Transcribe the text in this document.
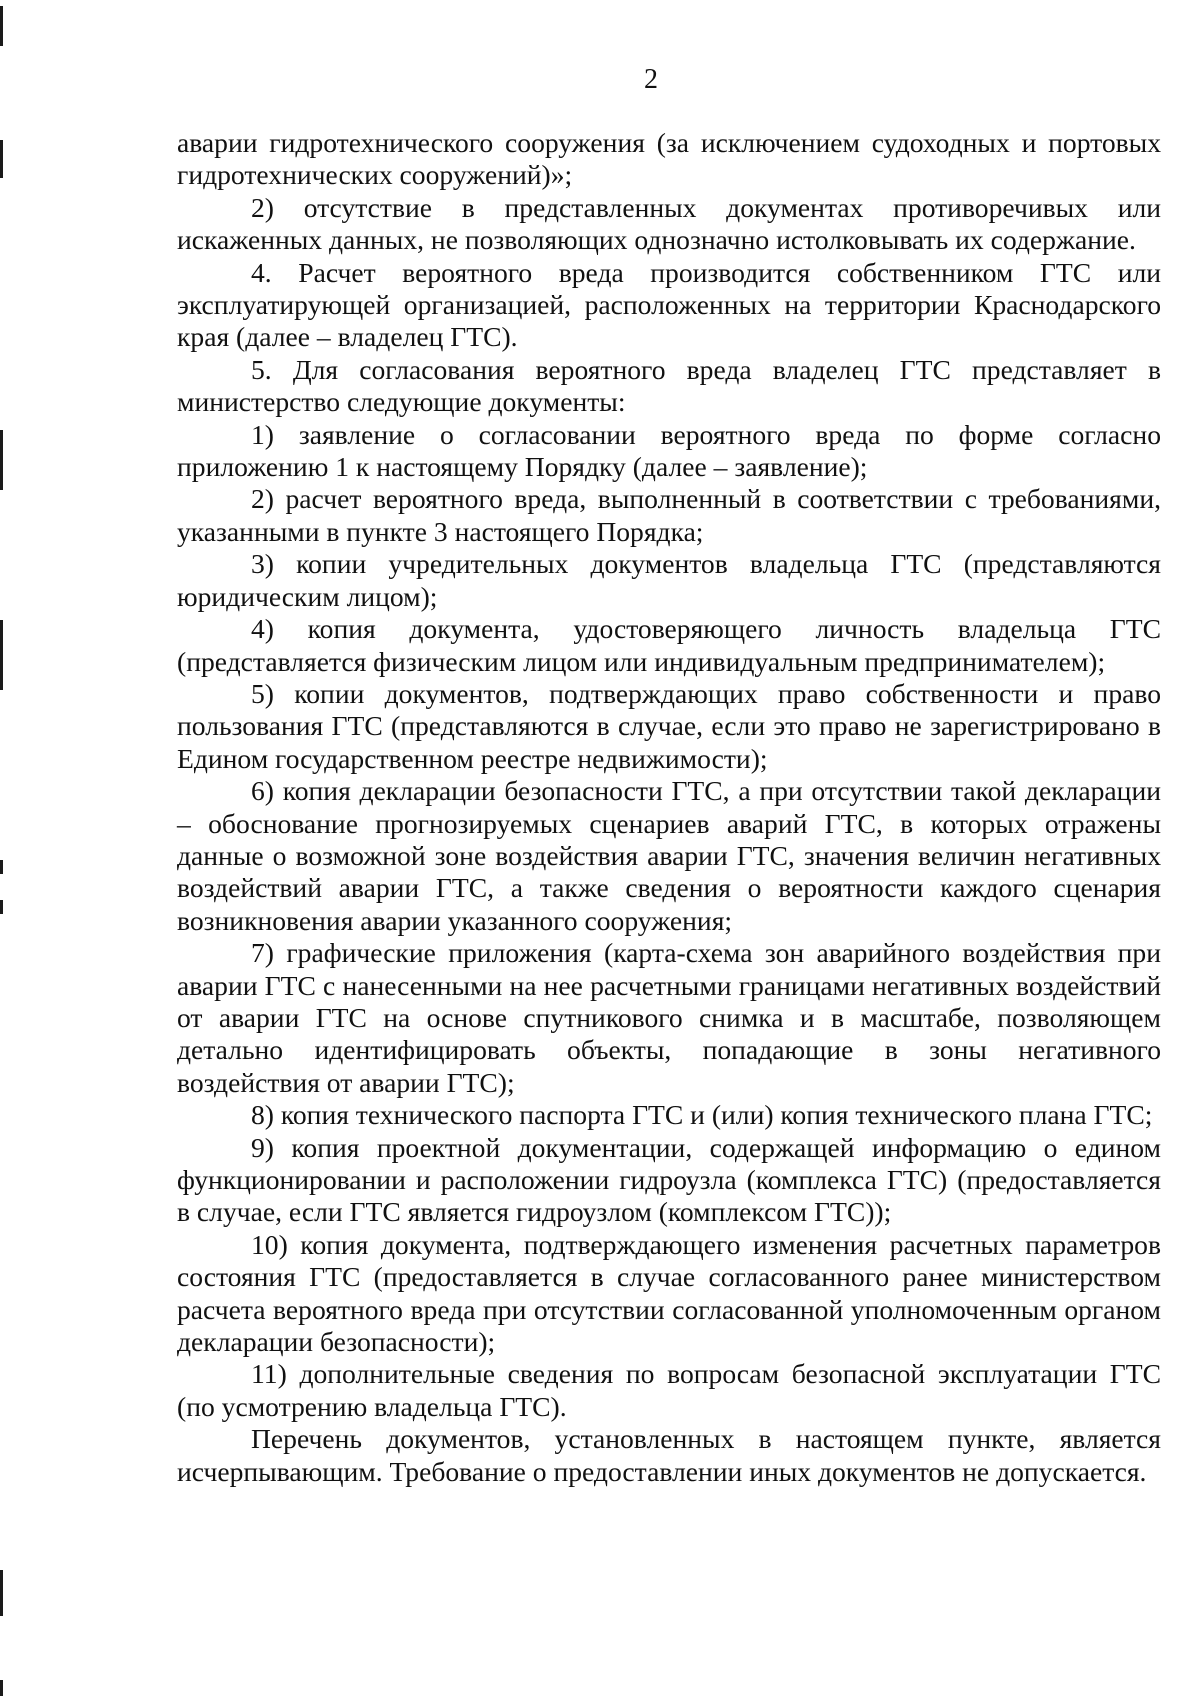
2

аварии гидротехнического сооружения (за исключением судоходных и портовых гидротехнических сооружений)»;

2) отсутствие в представленных документах противоречивых или искаженных данных, не позволяющих однозначно истолковывать их содержание.

4. Расчет вероятного вреда производится собственником ГТС или эксплуатирующей организацией, расположенных на территории Краснодарского края (далее – владелец ГТС).

5. Для согласования вероятного вреда владелец ГТС представляет в министерство следующие документы:

1) заявление о согласовании вероятного вреда по форме согласно приложению 1 к настоящему Порядку (далее – заявление);

2) расчет вероятного вреда, выполненный в соответствии с требованиями, указанными в пункте 3 настоящего Порядка;

3) копии учредительных документов владельца ГТС (представляются юридическим лицом);

4) копия документа, удостоверяющего личность владельца ГТС (представляется физическим лицом или индивидуальным предпринимателем);

5) копии документов, подтверждающих право собственности и право пользования ГТС (представляются в случае, если это право не зарегистрировано в Едином государственном реестре недвижимости);

6) копия декларации безопасности ГТС, а при отсутствии такой декларации – обоснование прогнозируемых сценариев аварий ГТС, в которых отражены данные о возможной зоне воздействия аварии ГТС, значения величин негативных воздействий аварии ГТС, а также сведения о вероятности каждого сценария возникновения аварии указанного сооружения;

7) графические приложения (карта-схема зон аварийного воздействия при аварии ГТС с нанесенными на нее расчетными границами негативных воздействий от аварии ГТС на основе спутникового снимка и в масштабе, позволяющем детально идентифицировать объекты, попадающие в зоны негативного воздействия от аварии ГТС);

8) копия технического паспорта ГТС и (или) копия технического плана ГТС;

9) копия проектной документации, содержащей информацию о едином функционировании и расположении гидроузла (комплекса ГТС) (предоставляется в случае, если ГТС является гидроузлом (комплексом ГТС));

10) копия документа, подтверждающего изменения расчетных параметров состояния ГТС (предоставляется в случае согласованного ранее министерством расчета вероятного вреда при отсутствии согласованной уполномоченным органом декларации безопасности);

11) дополнительные сведения по вопросам безопасной эксплуатации ГТС (по усмотрению владельца ГТС).

Перечень документов, установленных в настоящем пункте, является исчерпывающим. Требование о предоставлении иных документов не допускается.
